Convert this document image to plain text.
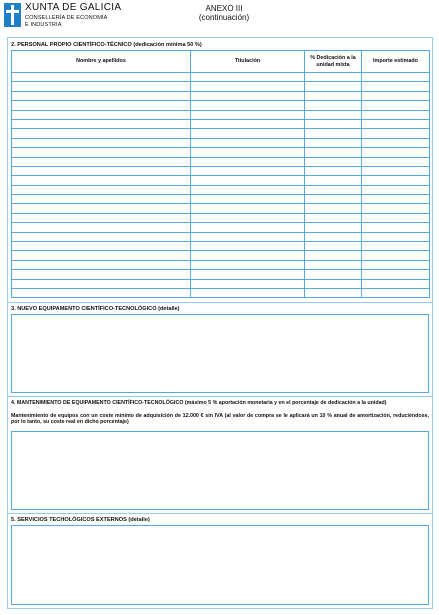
XUNTA DE GALICIA
CONSELLERÍA DE ECONOMÍA
E INDUSTRIA
ANEXO III
(continuación)
2. PERSONAL PROPIO CIENTÍFICO-TÉCNICO (dedicación mínima 50 %)
Nombre y apellidos	Titulación	% Dedicación a la unidad mixta	Importe estimado

3. NUEVO EQUIPAMENTO CIENTÍFICO-TECNOLÓGICO (detalle)
4. MANTENIMIENTO DE EQUIPAMENTO CIENTÍFICO-TECNOLÓGICO (máximo 5 % aportación monetaria y en el porcentaje de dedicación a la unidad)
Mantenimiento de equipos con un coste mínimo de adquisición de 12.000 € sin IVA (al valor de compra se le aplicará un 10 % anual de amortización, reduciéndose, por lo tanto, su coste real en dicho porcentaje)
5. SERVICIOS TECHOLÓGICOS EXTERNOS (detalle)
